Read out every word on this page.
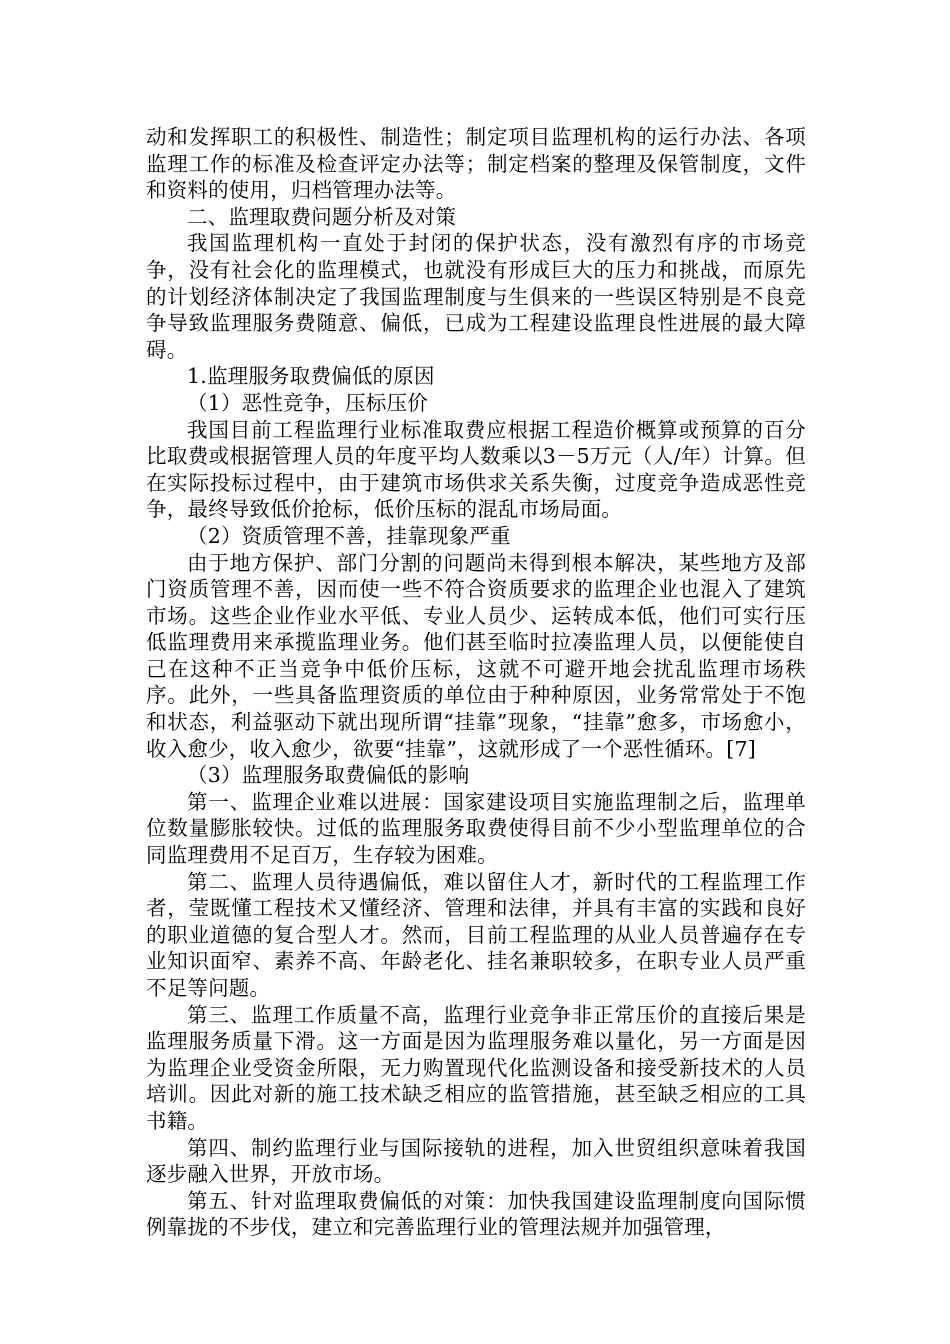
动和发挥职工的积极性、制造性；制定项目监理机构的运行办法、各项监理工作的标准及检查评定办法等；制定档案的整理及保管制度，文件和资料的使用，归档管理办法等。

二、监理取费问题分析及对策

我国监理机构一直处于封闭的保护状态，没有激烈有序的市场竞争，没有社会化的监理模式，也就没有形成巨大的压力和挑战，而原先的计划经济体制决定了我国监理制度与生俱来的一些误区特别是不良竞争导致监理服务费随意、偏低，已成为工程建设监理良性进展的最大障碍。

1.监理服务取费偏低的原因

（1）恶性竞争，压标压价

我国目前工程监理行业标准取费应根据工程造价概算或预算的百分比取费或根据管理人员的年度平均人数乘以3－5万元（人/年）计算。但在实际投标过程中，由于建筑市场供求关系失衡，过度竞争造成恶性竞争，最终导致低价抢标，低价压标的混乱市场局面。

（2）资质管理不善，挂靠现象严重

由于地方保护、部门分割的问题尚未得到根本解决，某些地方及部门资质管理不善，因而使一些不符合资质要求的监理企业也混入了建筑市场。这些企业作业水平低、专业人员少、运转成本低，他们可实行压低监理费用来承揽监理业务。他们甚至临时拉凑监理人员，以便能使自己在这种不正当竞争中低价压标，这就不可避开地会扰乱监理市场秩序。此外，一些具备监理资质的单位由于种种原因，业务常常处于不饱和状态，利益驱动下就出现所谓“挂靠”现象，“挂靠”愈多，市场愈小，收入愈少，收入愈少，欲要“挂靠”，这就形成了一个恶性循环。[7]

（3）监理服务取费偏低的影响

第一、监理企业难以进展：国家建设项目实施监理制之后，监理单位数量膨胀较快。过低的监理服务取费使得目前不少小型监理单位的合同监理费用不足百万，生存较为困难。

第二、监理人员待遇偏低，难以留住人才，新时代的工程监理工作者，莹既懂工程技术又懂经济、管理和法律，并具有丰富的实践和良好的职业道德的复合型人才。然而，目前工程监理的从业人员普遍存在专业知识面窄、素养不高、年龄老化、挂名兼职较多，在职专业人员严重不足等问题。

第三、监理工作质量不高，监理行业竞争非正常压价的直接后果是监理服务质量下滑。这一方面是因为监理服务难以量化，另一方面是因为监理企业受资金所限，无力购置现代化监测设备和接受新技术的人员培训。因此对新的施工技术缺乏相应的监管措施，甚至缺乏相应的工具书籍。

第四、制约监理行业与国际接轨的进程，加入世贸组织意味着我国逐步融入世界，开放市场。

第五、针对监理取费偏低的对策：加快我国建设监理制度向国际惯例靠拢的不步伐，建立和完善监理行业的管理法规并加强管理，
